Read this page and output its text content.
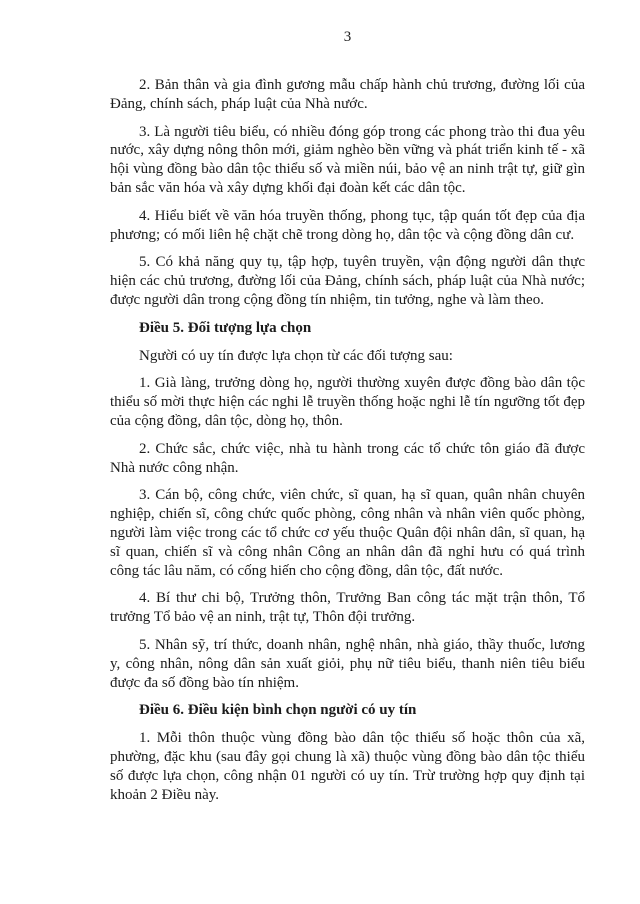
3

2. Bản thân và gia đình gương mẫu chấp hành chủ trương, đường lối của Đảng, chính sách, pháp luật của Nhà nước.

3. Là người tiêu biểu, có nhiều đóng góp trong các phong trào thi đua yêu nước, xây dựng nông thôn mới, giảm nghèo bền vững và phát triển kinh tế - xã hội vùng đồng bào dân tộc thiểu số và miền núi, bảo vệ an ninh trật tự, giữ gìn bản sắc văn hóa và xây dựng khối đại đoàn kết các dân tộc.

4. Hiểu biết về văn hóa truyền thống, phong tục, tập quán tốt đẹp của địa phương; có mối liên hệ chặt chẽ trong dòng họ, dân tộc và cộng đồng dân cư.

5. Có khả năng quy tụ, tập hợp, tuyên truyền, vận động người dân thực hiện các chủ trương, đường lối của Đảng, chính sách, pháp luật của Nhà nước; được người dân trong cộng đồng tín nhiệm, tin tưởng, nghe và làm theo.

Điều 5. Đối tượng lựa chọn

Người có uy tín được lựa chọn từ các đối tượng sau:

1. Già làng, trưởng dòng họ, người thường xuyên được đồng bào dân tộc thiểu số mời thực hiện các nghi lễ truyền thống hoặc nghi lễ tín ngưỡng tốt đẹp của cộng đồng, dân tộc, dòng họ, thôn.

2. Chức sắc, chức việc, nhà tu hành trong các tổ chức tôn giáo đã được Nhà nước công nhận.

3. Cán bộ, công chức, viên chức, sĩ quan, hạ sĩ quan, quân nhân chuyên nghiệp, chiến sĩ, công chức quốc phòng, công nhân và nhân viên quốc phòng, người làm việc trong các tổ chức cơ yếu thuộc Quân đội nhân dân, sĩ quan, hạ sĩ quan, chiến sĩ và công nhân Công an nhân dân đã nghỉ hưu có quá trình công tác lâu năm, có cống hiến cho cộng đồng, dân tộc, đất nước.

4. Bí thư chi bộ, Trưởng thôn, Trưởng Ban công tác mặt trận thôn, Tổ trưởng Tổ bảo vệ an ninh, trật tự, Thôn đội trưởng.

5. Nhân sỹ, trí thức, doanh nhân, nghệ nhân, nhà giáo, thầy thuốc, lương y, công nhân, nông dân sản xuất giỏi, phụ nữ tiêu biểu, thanh niên tiêu biểu được đa số đồng bào tín nhiệm.

Điều 6. Điều kiện bình chọn người có uy tín

1. Mỗi thôn thuộc vùng đồng bào dân tộc thiểu số hoặc thôn của xã, phường, đặc khu (sau đây gọi chung là xã) thuộc vùng đồng bào dân tộc thiểu số được lựa chọn, công nhận 01 người có uy tín. Trừ trường hợp quy định tại khoản 2 Điều này.
